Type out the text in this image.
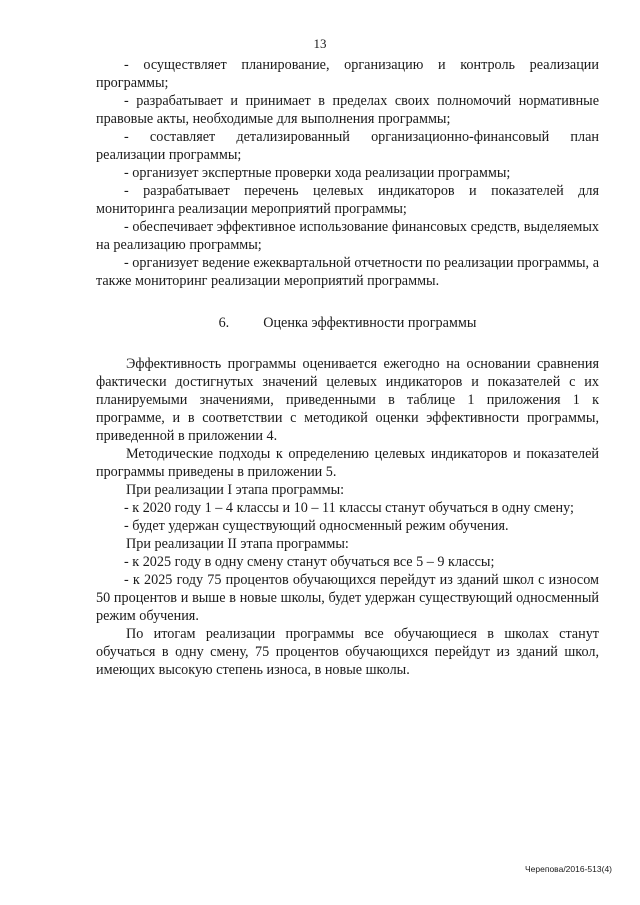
13

- осуществляет планирование, организацию и контроль реализации программы;

- разрабатывает и принимает в пределах своих полномочий нормативные правовые акты, необходимые для выполнения программы;

- составляет детализированный организационно-финансовый план реализации программы;

- организует экспертные проверки хода реализации программы;

- разрабатывает перечень целевых индикаторов и показателей для мониторинга реализации мероприятий программы;

- обеспечивает эффективное использование финансовых средств, выделяемых на реализацию программы;

- организует ведение ежеквартальной отчетности по реализации программы, а также мониторинг реализации мероприятий программы.

6. Оценка эффективности программы

Эффективность программы оценивается ежегодно на основании сравнения фактически достигнутых значений целевых индикаторов и показателей с их планируемыми значениями, приведенными в таблице 1 приложения 1 к программе, и в соответствии с методикой оценки эффективности программы, приведенной в приложении 4.

Методические подходы к определению целевых индикаторов и показателей программы приведены в приложении 5.

При реализации I этапа программы:

- к 2020 году 1 – 4 классы и 10 – 11 классы станут обучаться в одну смену;

- будет удержан существующий односменный режим обучения.

При реализации II этапа программы:

- к 2025 году в одну смену станут обучаться все 5 – 9 классы;

- к 2025 году 75 процентов обучающихся перейдут из зданий школ с износом 50 процентов и выше в новые школы, будет удержан существующий односменный режим обучения.

По итогам реализации программы все обучающиеся в школах станут обучаться в одну смену, 75 процентов обучающихся перейдут из зданий школ, имеющих высокую степень износа, в новые школы.

Черепова/2016-513(4)
